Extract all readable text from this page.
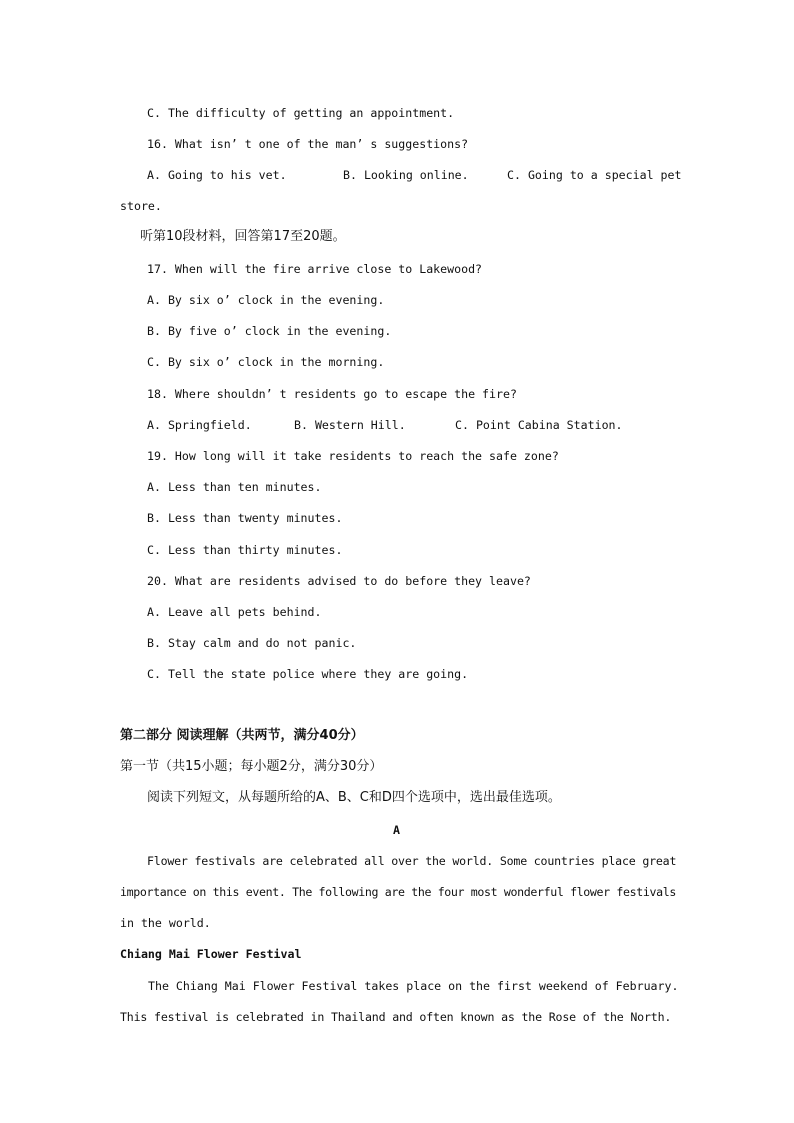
C. The difficulty of getting an appointment.
16. What isn’ t one of the man’ s suggestions?
A. Going to his vet.	B. Looking online.	C. Going to a special pet
store.
听第10段材料，回答第17至20题。
17. When will the fire arrive close to Lakewood?
A. By six o’ clock in the evening.
B. By five o’ clock in the evening.
C. By six o’ clock in the morning.
18. Where shouldn’ t residents go to escape the fire?
A. Springfield.	B. Western Hill.	C. Point Cabina Station.
19. How long will it take residents to reach the safe zone?
A. Less than ten minutes.
B. Less than twenty minutes.
C. Less than thirty minutes.
20. What are residents advised to do before they leave?
A. Leave all pets behind.
B. Stay calm and do not panic.
C. Tell the state police where they are going.
第二部分 阅读理解（共两节，满分40分）
第一节（共15小题；每小题2分，满分30分）
阅读下列短文，从每题所给的A、B、C和D四个选项中，选出最佳选项。
A
Flower festivals are celebrated all over the world. Some countries place great
importance on this event. The following are the four most wonderful flower festivals
in the world.
Chiang Mai Flower Festival
The Chiang Mai Flower Festival takes place on the first weekend of February.
This festival is celebrated in Thailand and often known as the Rose of the North.
